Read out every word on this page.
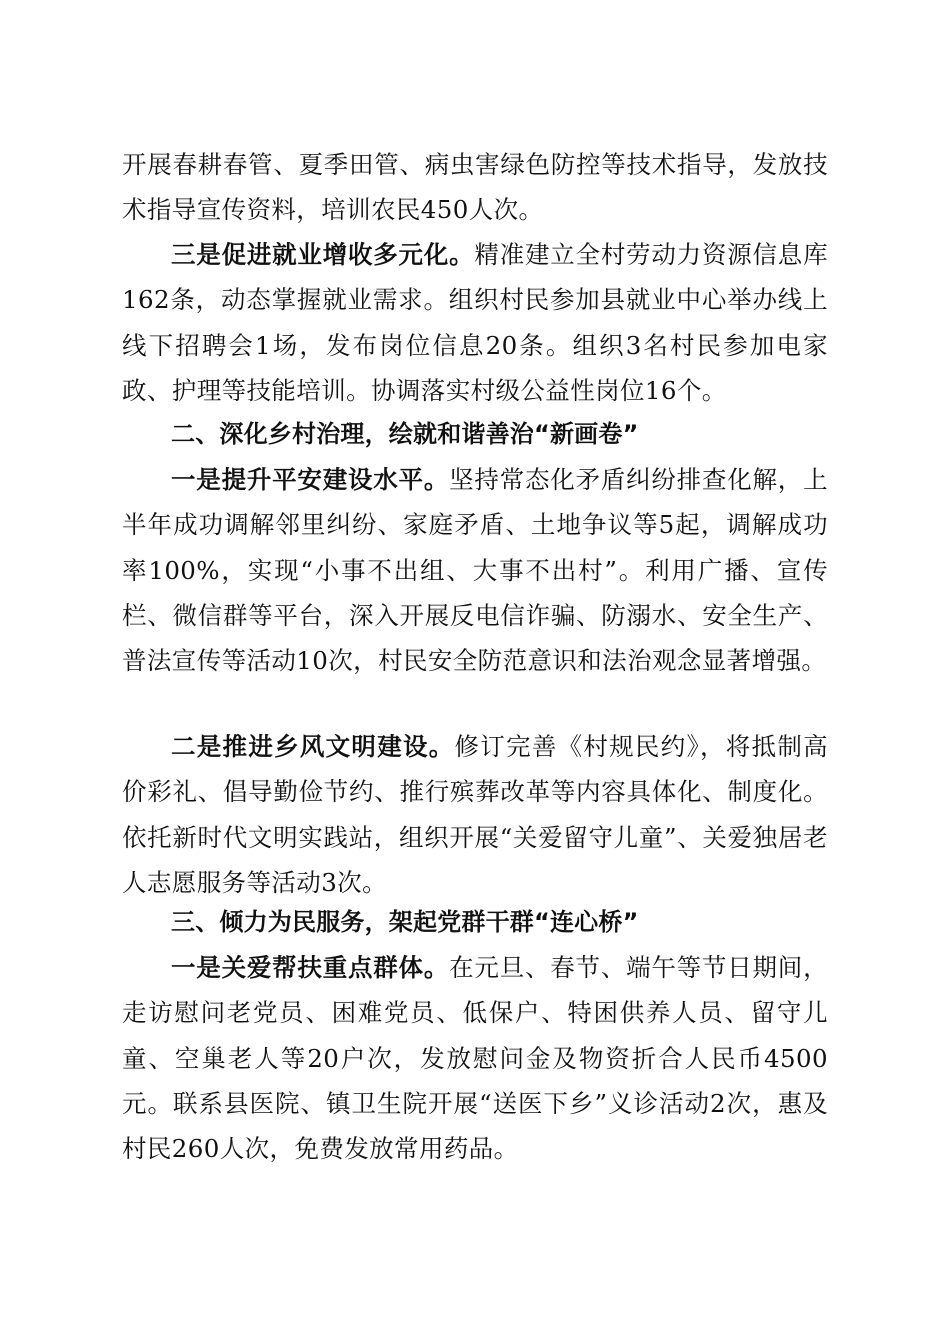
开展春耕春管、夏季田管、病虫害绿色防控等技术指导，发放技术指导宣传资料，培训农民450人次。

三是促进就业增收多元化。精准建立全村劳动力资源信息库162条，动态掌握就业需求。组织村民参加县就业中心举办线上线下招聘会1场，发布岗位信息20条。组织3名村民参加电家政、护理等技能培训。协调落实村级公益性岗位16个。

二、深化乡村治理，绘就和谐善治“新画卷”

一是提升平安建设水平。坚持常态化矛盾纠纷排查化解，上半年成功调解邻里纠纷、家庭矛盾、土地争议等5起，调解成功率100%，实现“小事不出组、大事不出村”。利用广播、宣传栏、微信群等平台，深入开展反电信诈骗、防溺水、安全生产、普法宣传等活动10次，村民安全防范意识和法治观念显著增强。

二是推进乡风文明建设。修订完善《村规民约》，将抵制高价彩礼、倡导勤俭节约、推行殡葬改革等内容具体化、制度化。依托新时代文明实践站，组织开展“关爱留守儿童”、关爱独居老人志愿服务等活动3次。

三、倾力为民服务，架起党群干群“连心桥”

一是关爱帮扶重点群体。在元旦、春节、端午等节日期间，走访慰问老党员、困难党员、低保户、特困供养人员、留守儿童、空巢老人等20户次，发放慰问金及物资折合人民币4500元。联系县医院、镇卫生院开展“送医下乡”义诊活动2次，惠及村民260人次，免费发放常用药品。
